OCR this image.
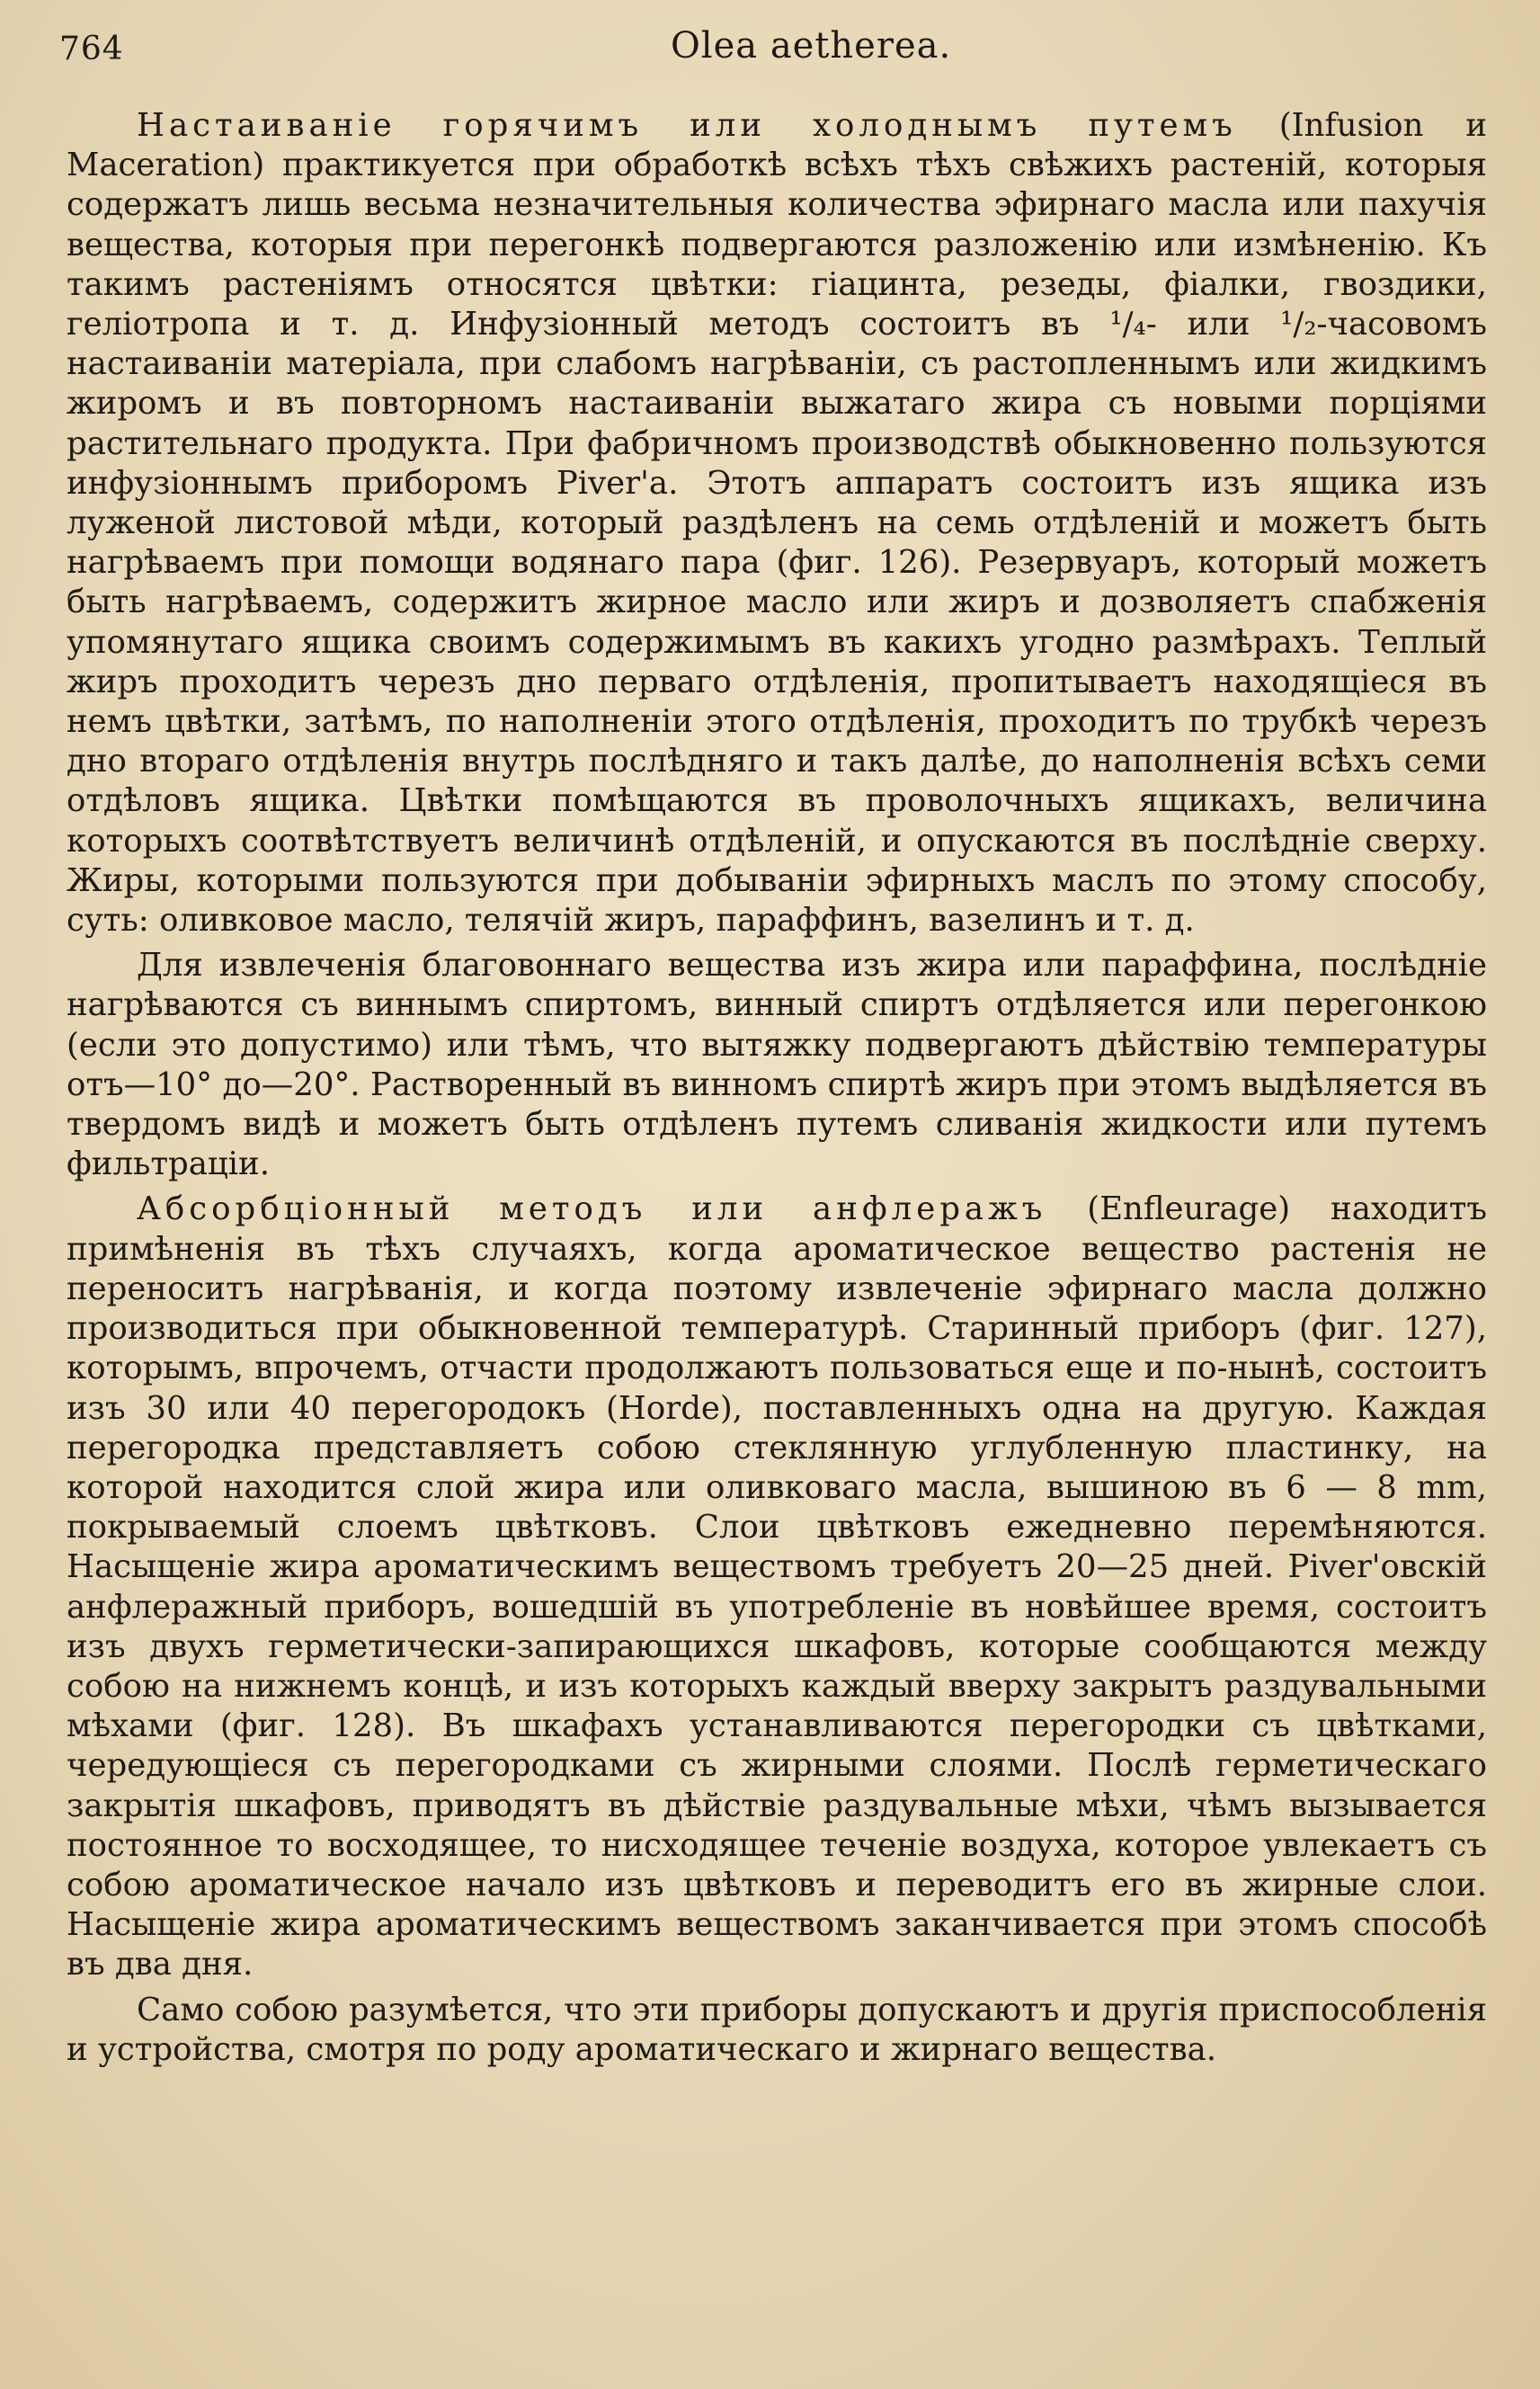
764	Olea aetherea.

Настаиваніе горячимъ или холоднымъ путемъ (Infusion и Maceration) практикуется при обработкѣ всѣхъ тѣхъ свѣжихъ растеній, которыя содержатъ лишь весьма незначительныя количества эфирнаго масла или пахучія вещества, которыя при перегонкѣ подвергаются разложенію или измѣненію. Къ такимъ растеніямъ относятся цвѣтки: гіацинта, резеды, фіалки, гвоздики, геліотропа и т. д. Инфузіонный методъ состоитъ въ ¹/₄- или ¹/₂-часовомъ настаиваніи матеріала, при слабомъ нагрѣваніи, съ растопленнымъ или жидкимъ жиромъ и въ повторномъ настаиваніи выжатаго жира съ новыми порціями растительнаго продукта. При фабричномъ производствѣ обыкновенно пользуются инфузіоннымъ приборомъ Piver'a. Этотъ аппаратъ состоитъ изъ ящика изъ луженой листовой мѣди, который раздѣленъ на семь отдѣленій и можетъ быть нагрѣваемъ при помощи водянаго пара (фиг. 126). Резервуаръ, который можетъ быть нагрѣваемъ, содержитъ жирное масло или жиръ и дозволяетъ спабженія упомянутаго ящика своимъ содержимымъ въ какихъ угодно размѣрахъ. Теплый жиръ проходитъ черезъ дно перваго отдѣленія, пропитываетъ находящіеся въ немъ цвѣтки, затѣмъ, по наполненіи этого отдѣленія, проходитъ по трубкѣ черезъ дно втораго отдѣленія внутрь послѣдняго и такъ далѣе, до наполненія всѣхъ семи отдѣловъ ящика. Цвѣтки помѣщаются въ проволочныхъ ящикахъ, величина которыхъ соотвѣтствуетъ величинѣ отдѣленій, и опускаются въ послѣдніе сверху. Жиры, которыми пользуются при добываніи эфирныхъ маслъ по этому способу, суть: оливковое масло, телячій жиръ, параффинъ, вазелинъ и т. д.

Для извлеченія благовоннаго вещества изъ жира или параффина, послѣдніе нагрѣваются съ виннымъ спиртомъ, винный спиртъ отдѣляется или перегонкою (если это допустимо) или тѣмъ, что вытяжку подвергаютъ дѣйствію температуры отъ—10° до—20°. Растворенный въ винномъ спиртѣ жиръ при этомъ выдѣляется въ твердомъ видѣ и можетъ быть отдѣленъ путемъ сливанія жидкости или путемъ фильтраціи.

Абсорбціонный методъ или анфлеражъ (Enfleurage) находитъ примѣненія въ тѣхъ случаяхъ, когда ароматическое вещество растенія не переноситъ нагрѣванія, и когда поэтому извлеченіе эфирнаго масла должно производиться при обыкновенной температурѣ. Старинный приборъ (фиг. 127), которымъ, впрочемъ, отчасти продолжаютъ пользоваться еще и по-нынѣ, состоитъ изъ 30 или 40 перегородокъ (Horde), поставленныхъ одна на другую. Каждая перегородка представляетъ собою стеклянную углубленную пластинку, на которой находится слой жира или оливковаго масла, вышиною въ 6 — 8 mm, покрываемый слоемъ цвѣтковъ. Слои цвѣтковъ ежедневно перемѣняются. Насыщеніе жира ароматическимъ веществомъ требуетъ 20—25 дней. Piver'овскій анфлеражный приборъ, вошедшій въ употребленіе въ новѣйшее время, состоитъ изъ двухъ герметически-запирающихся шкафовъ, которые сообщаются между собою на нижнемъ концѣ, и изъ которыхъ каждый вверху закрытъ раздувальными мѣхами (фиг. 128). Въ шкафахъ устанавливаются перегородки съ цвѣтками, чередующіеся съ перегородками съ жирными слоями. Послѣ герметическаго закрытія шкафовъ, приводятъ въ дѣйствіе раздувальные мѣхи, чѣмъ вызывается постоянное то восходящее, то нисходящее теченіе воздуха, которое увлекаетъ съ собою ароматическое начало изъ цвѣтковъ и переводитъ его въ жирные слои. Насыщеніе жира ароматическимъ веществомъ заканчивается при этомъ способѣ въ два дня.

Само собою разумѣется, что эти приборы допускаютъ и другія приспособленія и устройства, смотря по роду ароматическаго и жирнаго вещества.
